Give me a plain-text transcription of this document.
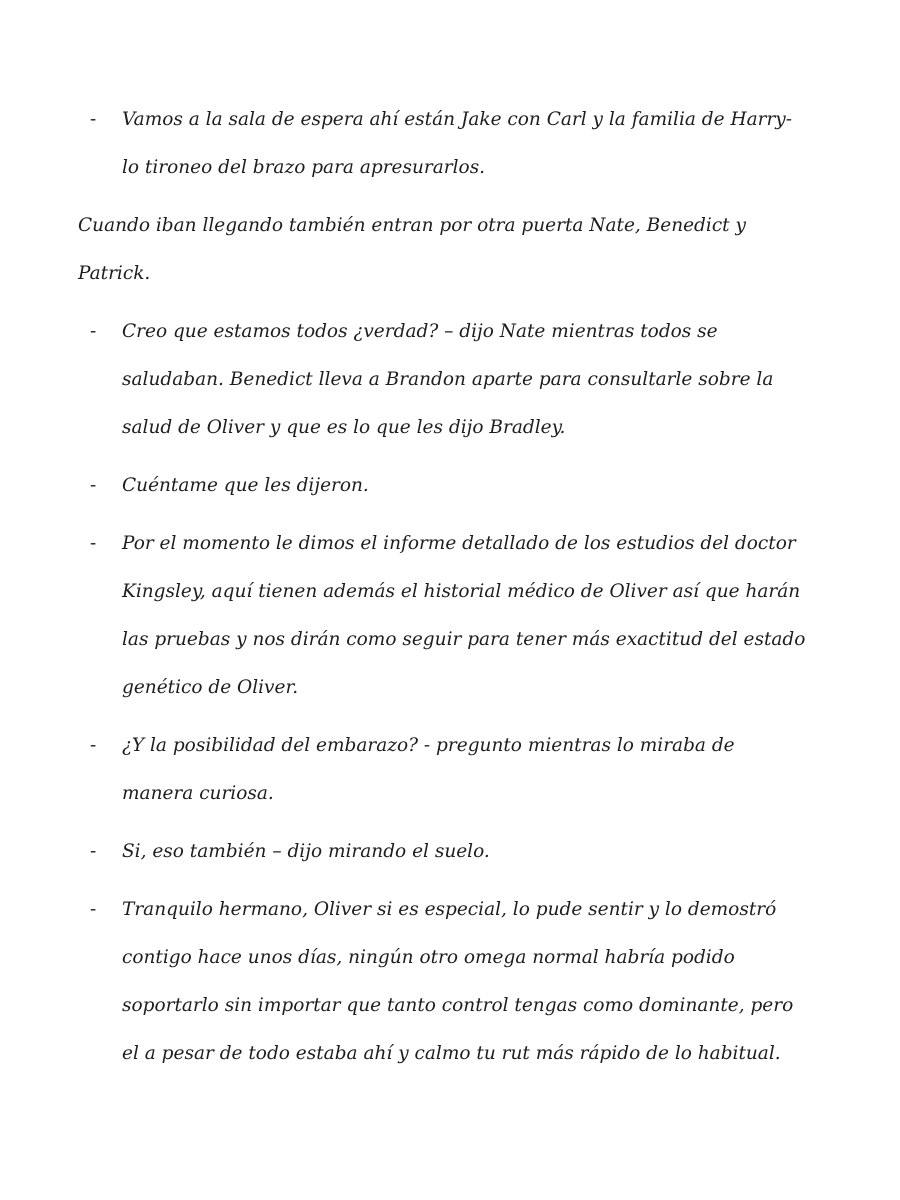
-	Vamos a la sala de espera ahí están Jake con Carl y la familia de Harry-
lo tironeo del brazo para apresurarlos.
Cuando iban llegando también entran por otra puerta Nate, Benedict y
Patrick.
-	Creo que estamos todos ¿verdad? – dijo Nate mientras todos se
saludaban. Benedict lleva a Brandon aparte para consultarle sobre la
salud de Oliver y que es lo que les dijo Bradley.
-	Cuéntame que les dijeron.
-	Por el momento le dimos el informe detallado de los estudios del doctor
Kingsley, aquí tienen además el historial médico de Oliver así que harán
las pruebas y nos dirán como seguir para tener más exactitud del estado
genético de Oliver.
-	¿Y la posibilidad del embarazo? - pregunto mientras lo miraba de
manera curiosa.
-	Si, eso también – dijo mirando el suelo.
-	Tranquilo hermano, Oliver si es especial, lo pude sentir y lo demostró
contigo hace unos días, ningún otro omega normal habría podido
soportarlo sin importar que tanto control tengas como dominante, pero
el a pesar de todo estaba ahí y calmo tu rut más rápido de lo habitual.
